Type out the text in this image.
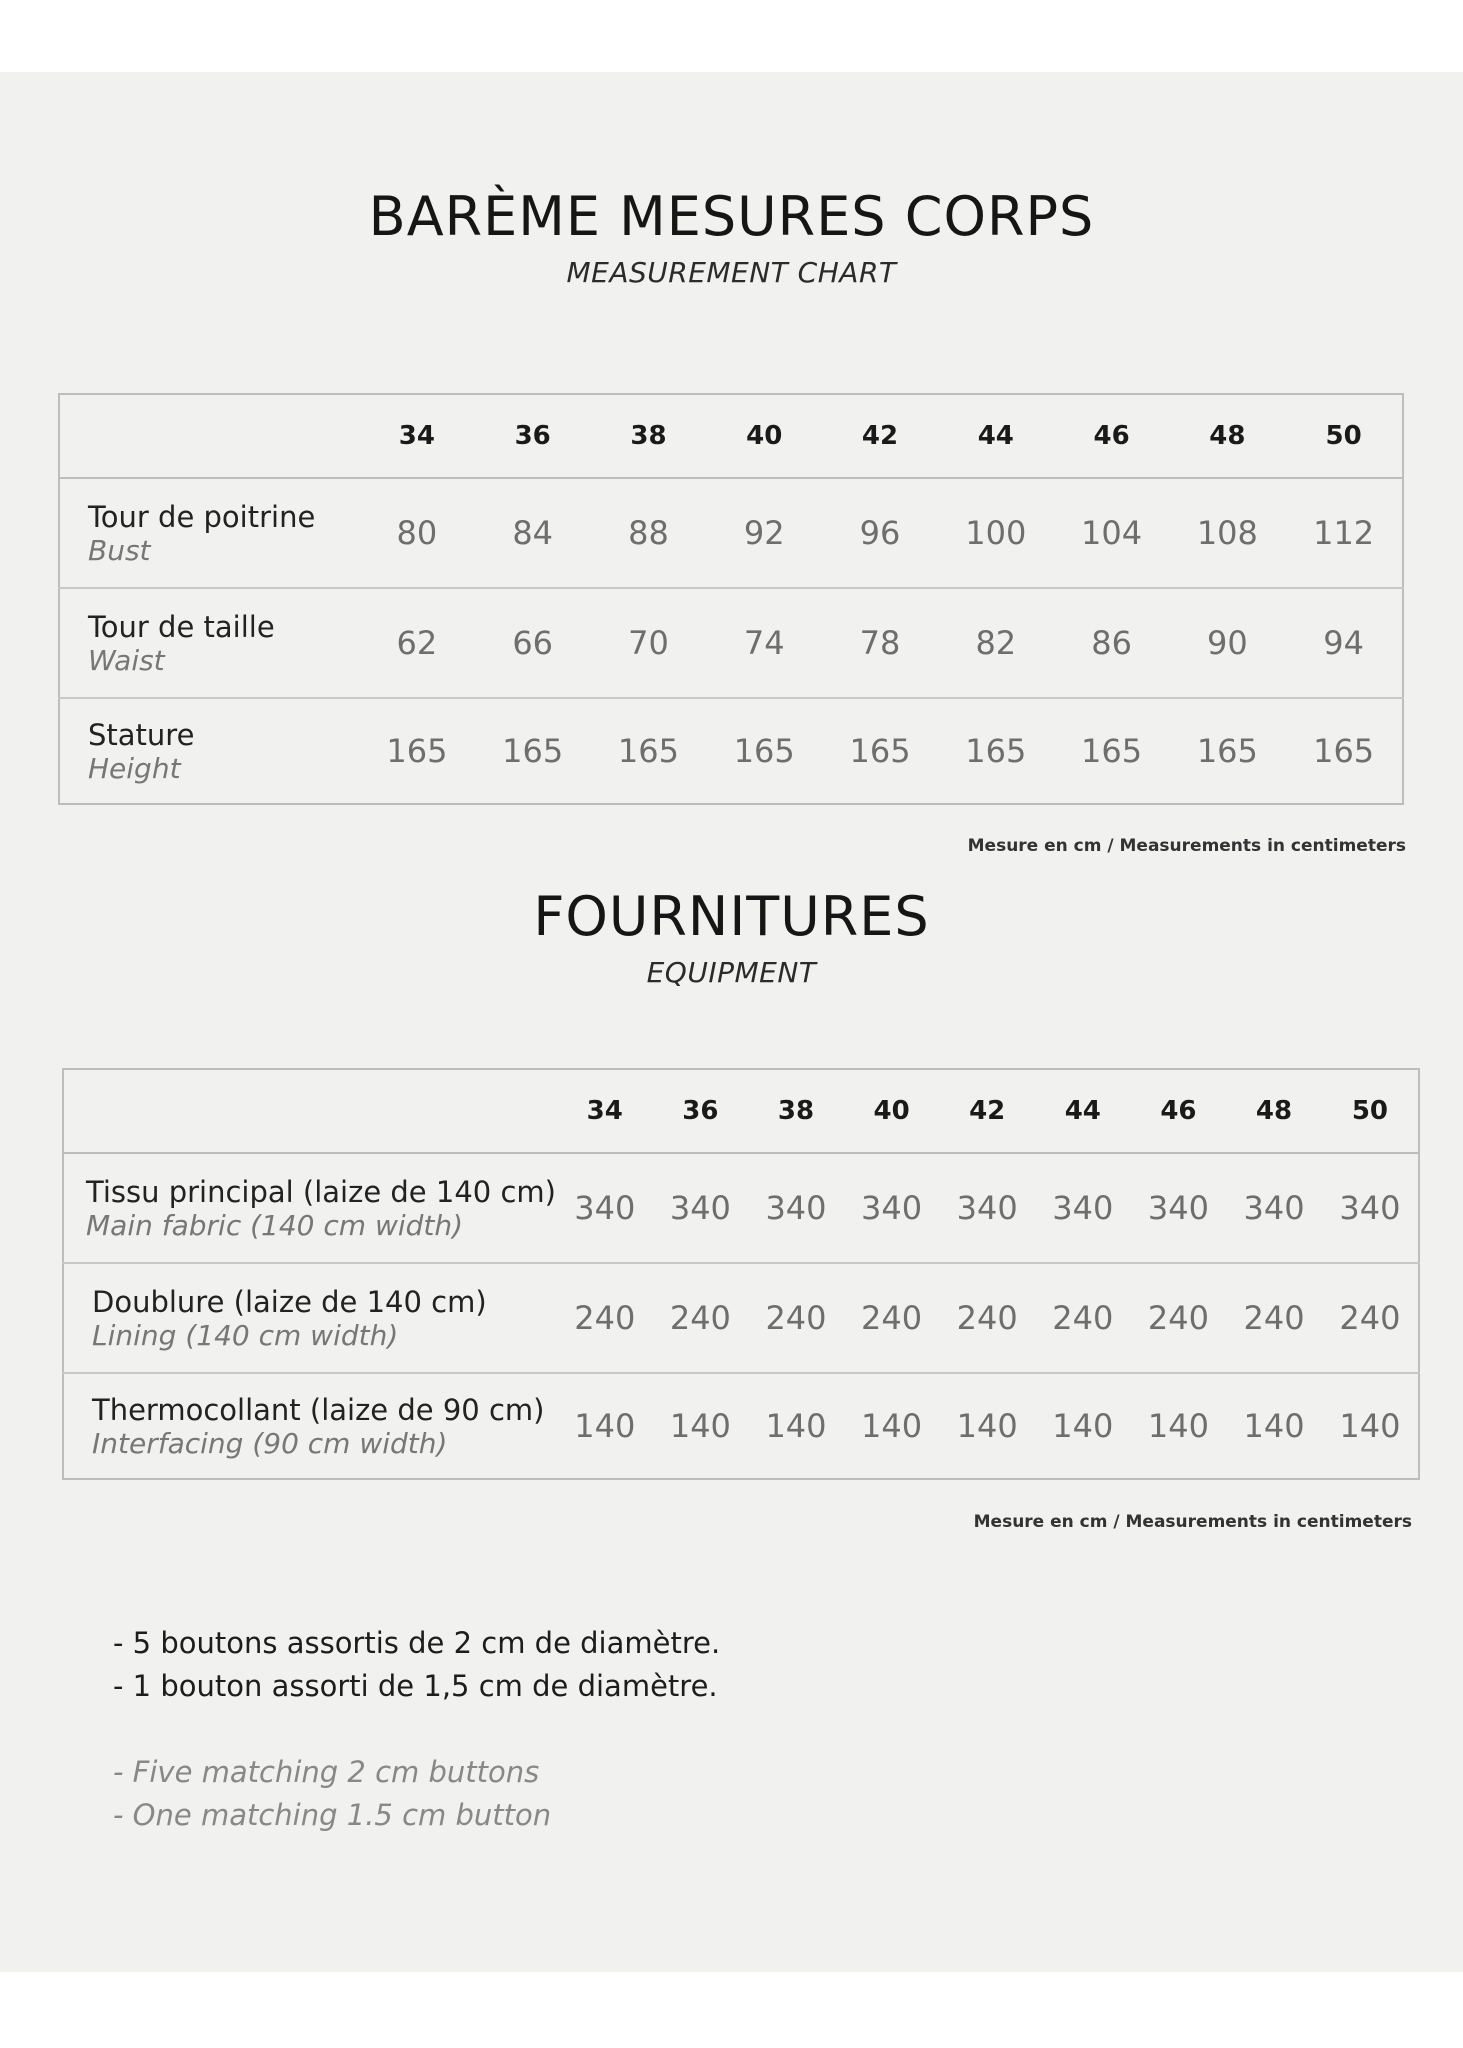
BARÈME MESURES CORPS
MEASUREMENT CHART
	34	36	38	40	42	44	46	48	50

Tour de poitrine
Bust	80	84	88	92	96	100	104	108	112

Tour de taille
Waist	62	66	70	74	78	82	86	90	94

Stature
Height	165	165	165	165	165	165	165	165	165
Mesure en cm / Measurements in centimeters
FOURNITURES
EQUIPMENT
	34	36	38	40	42	44	46	48	50

Tissu principal (laize de 140 cm)
Main fabric (140 cm width)	340	340	340	340	340	340	340	340	340

Doublure (laize de 140 cm)
Lining (140 cm width)	240	240	240	240	240	240	240	240	240

Thermocollant (laize de 90 cm)
Interfacing (90 cm width)	140	140	140	140	140	140	140	140	140
Mesure en cm / Measurements in centimeters
- 5 boutons assortis de 2 cm de diamètre.
- 1 bouton assorti de 1,5 cm de diamètre.
- Five matching 2 cm buttons
- One matching 1.5 cm button
